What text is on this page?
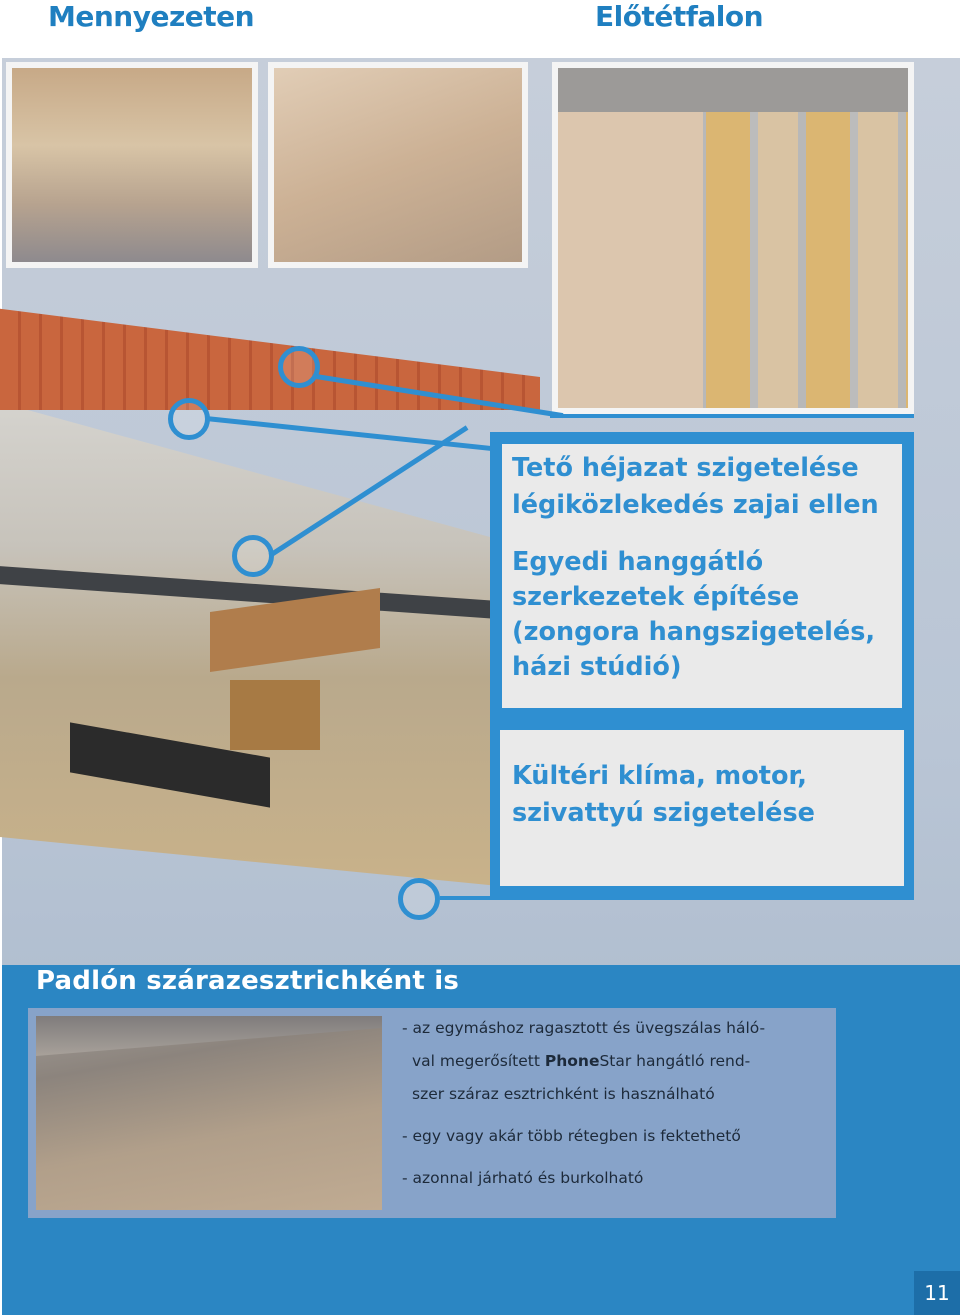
Mennyezeten	Előtétfalon
Tető héjazat szigetelése
légiközlekedés zajai ellen
Egyedi hanggátló
szerkezetek építése
(zongora hangszigetelés,
házi stúdió)
Kültéri klíma, motor,
szivattyú szigetelése
Padlón szárazesztrichként is
- az egymáshoz ragasztott és üvegszálas háló-
val megerősített PhoneStar hangátló rend-
szer száraz esztrichként is használható
- egy vagy akár több rétegben is fektethető
- azonnal járható és burkolható
11
